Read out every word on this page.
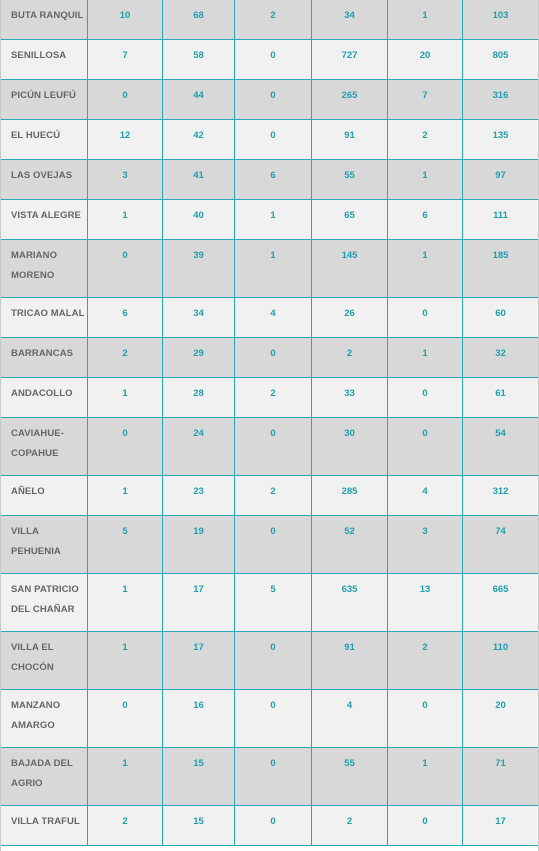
BUTA RANQUIL	10	68	2	34	1	103	
SENILLOSA	7	58	0	727	20	805	
PICÚN LEUFÚ	0	44	0	265	7	316	
EL HUECÚ	12	42	0	91	2	135	
LAS OVEJAS	3	41	6	55	1	97	
VISTA ALEGRE	1	40	1	65	6	111	
MARIANO MORENO	0	39	1	145	1	185	
TRICAO MALAL	6	34	4	26	0	60	
BARRANCAS	2	29	0	2	1	32	
ANDACOLLO	1	28	2	33	0	61	
CAVIAHUE-COPAHUE	0	24	0	30	0	54	
AÑELO	1	23	2	285	4	312	
VILLA PEHUENIA	5	19	0	52	3	74	
SAN PATRICIO DEL CHAÑAR	1	17	5	635	13	665	
VILLA EL CHOCÓN	1	17	0	91	2	110	
MANZANO AMARGO	0	16	0	4	0	20	
BAJADA DEL AGRIO	1	15	0	55	1	71	
VILLA TRAFUL	2	15	0	2	0	17	
